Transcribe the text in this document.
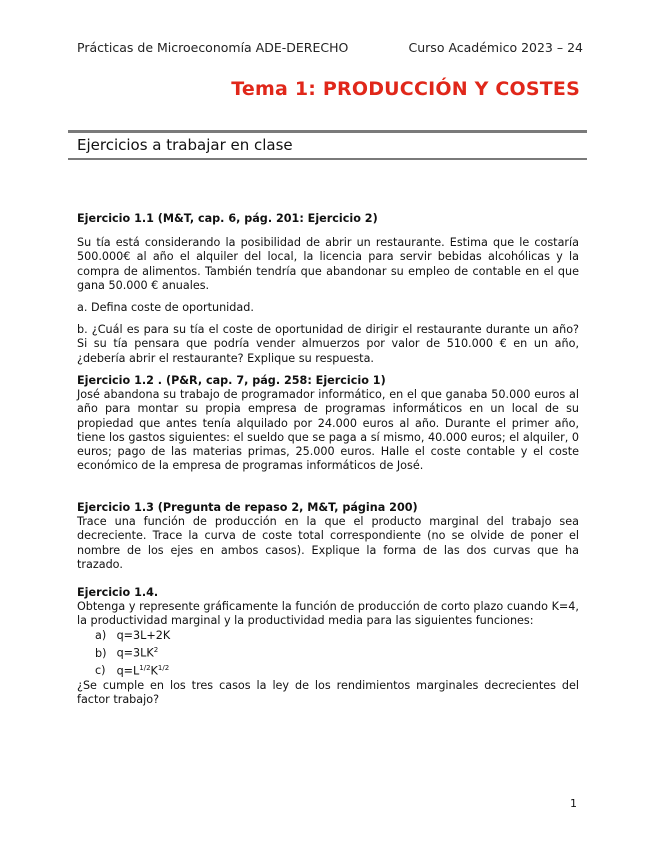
Prácticas de Microeconomía ADE-DERECHO	Curso Académico 2023 – 24
Tema 1: PRODUCCIÓN Y COSTES
Ejercicios a trabajar en clase
Ejercicio 1.1 (M&T, cap. 6, pág. 201: Ejercicio 2)

Su tía está considerando la posibilidad de abrir un restaurante. Estima que le costaría 500.000€ al año el alquiler del local, la licencia para servir bebidas alcohólicas y la compra de alimentos. También tendría que abandonar su empleo de contable en el que gana 50.000 € anuales.

a. Defina coste de oportunidad.

b. ¿Cuál es para su tía el coste de oportunidad de dirigir el restaurante durante un año? Si su tía pensara que podría vender almuerzos por valor de 510.000 € en un año, ¿debería abrir el restaurante? Explique su respuesta.

Ejercicio 1.2 . (P&R, cap. 7, pág. 258: Ejercicio 1)

José abandona su trabajo de programador informático, en el que ganaba 50.000 euros al año para montar su propia empresa de programas informáticos en un local de su propiedad que antes tenía alquilado por 24.000 euros al año. Durante el primer año, tiene los gastos siguientes: el sueldo que se paga a sí mismo, 40.000 euros; el alquiler, 0 euros; pago de las materias primas, 25.000 euros. Halle el coste contable y el coste económico de la empresa de programas informáticos de José.

Ejercicio 1.3 (Pregunta de repaso 2, M&T, página 200)

Trace una función de producción en la que el producto marginal del trabajo sea decreciente. Trace la curva de coste total correspondiente (no se olvide de poner el nombre de los ejes en ambos casos). Explique la forma de las dos curvas que ha trazado.

Ejercicio 1.4.

Obtenga y represente gráficamente la función de producción de corto plazo cuando K=4, la productividad marginal y la productividad media para las siguientes funciones:

a) q=3L+2K
b) $q=3LK^2$
c) $q=L^{1/2}K^{1/2}$

¿Se cumple en los tres casos la ley de los rendimientos marginales decrecientes del factor trabajo?

1
